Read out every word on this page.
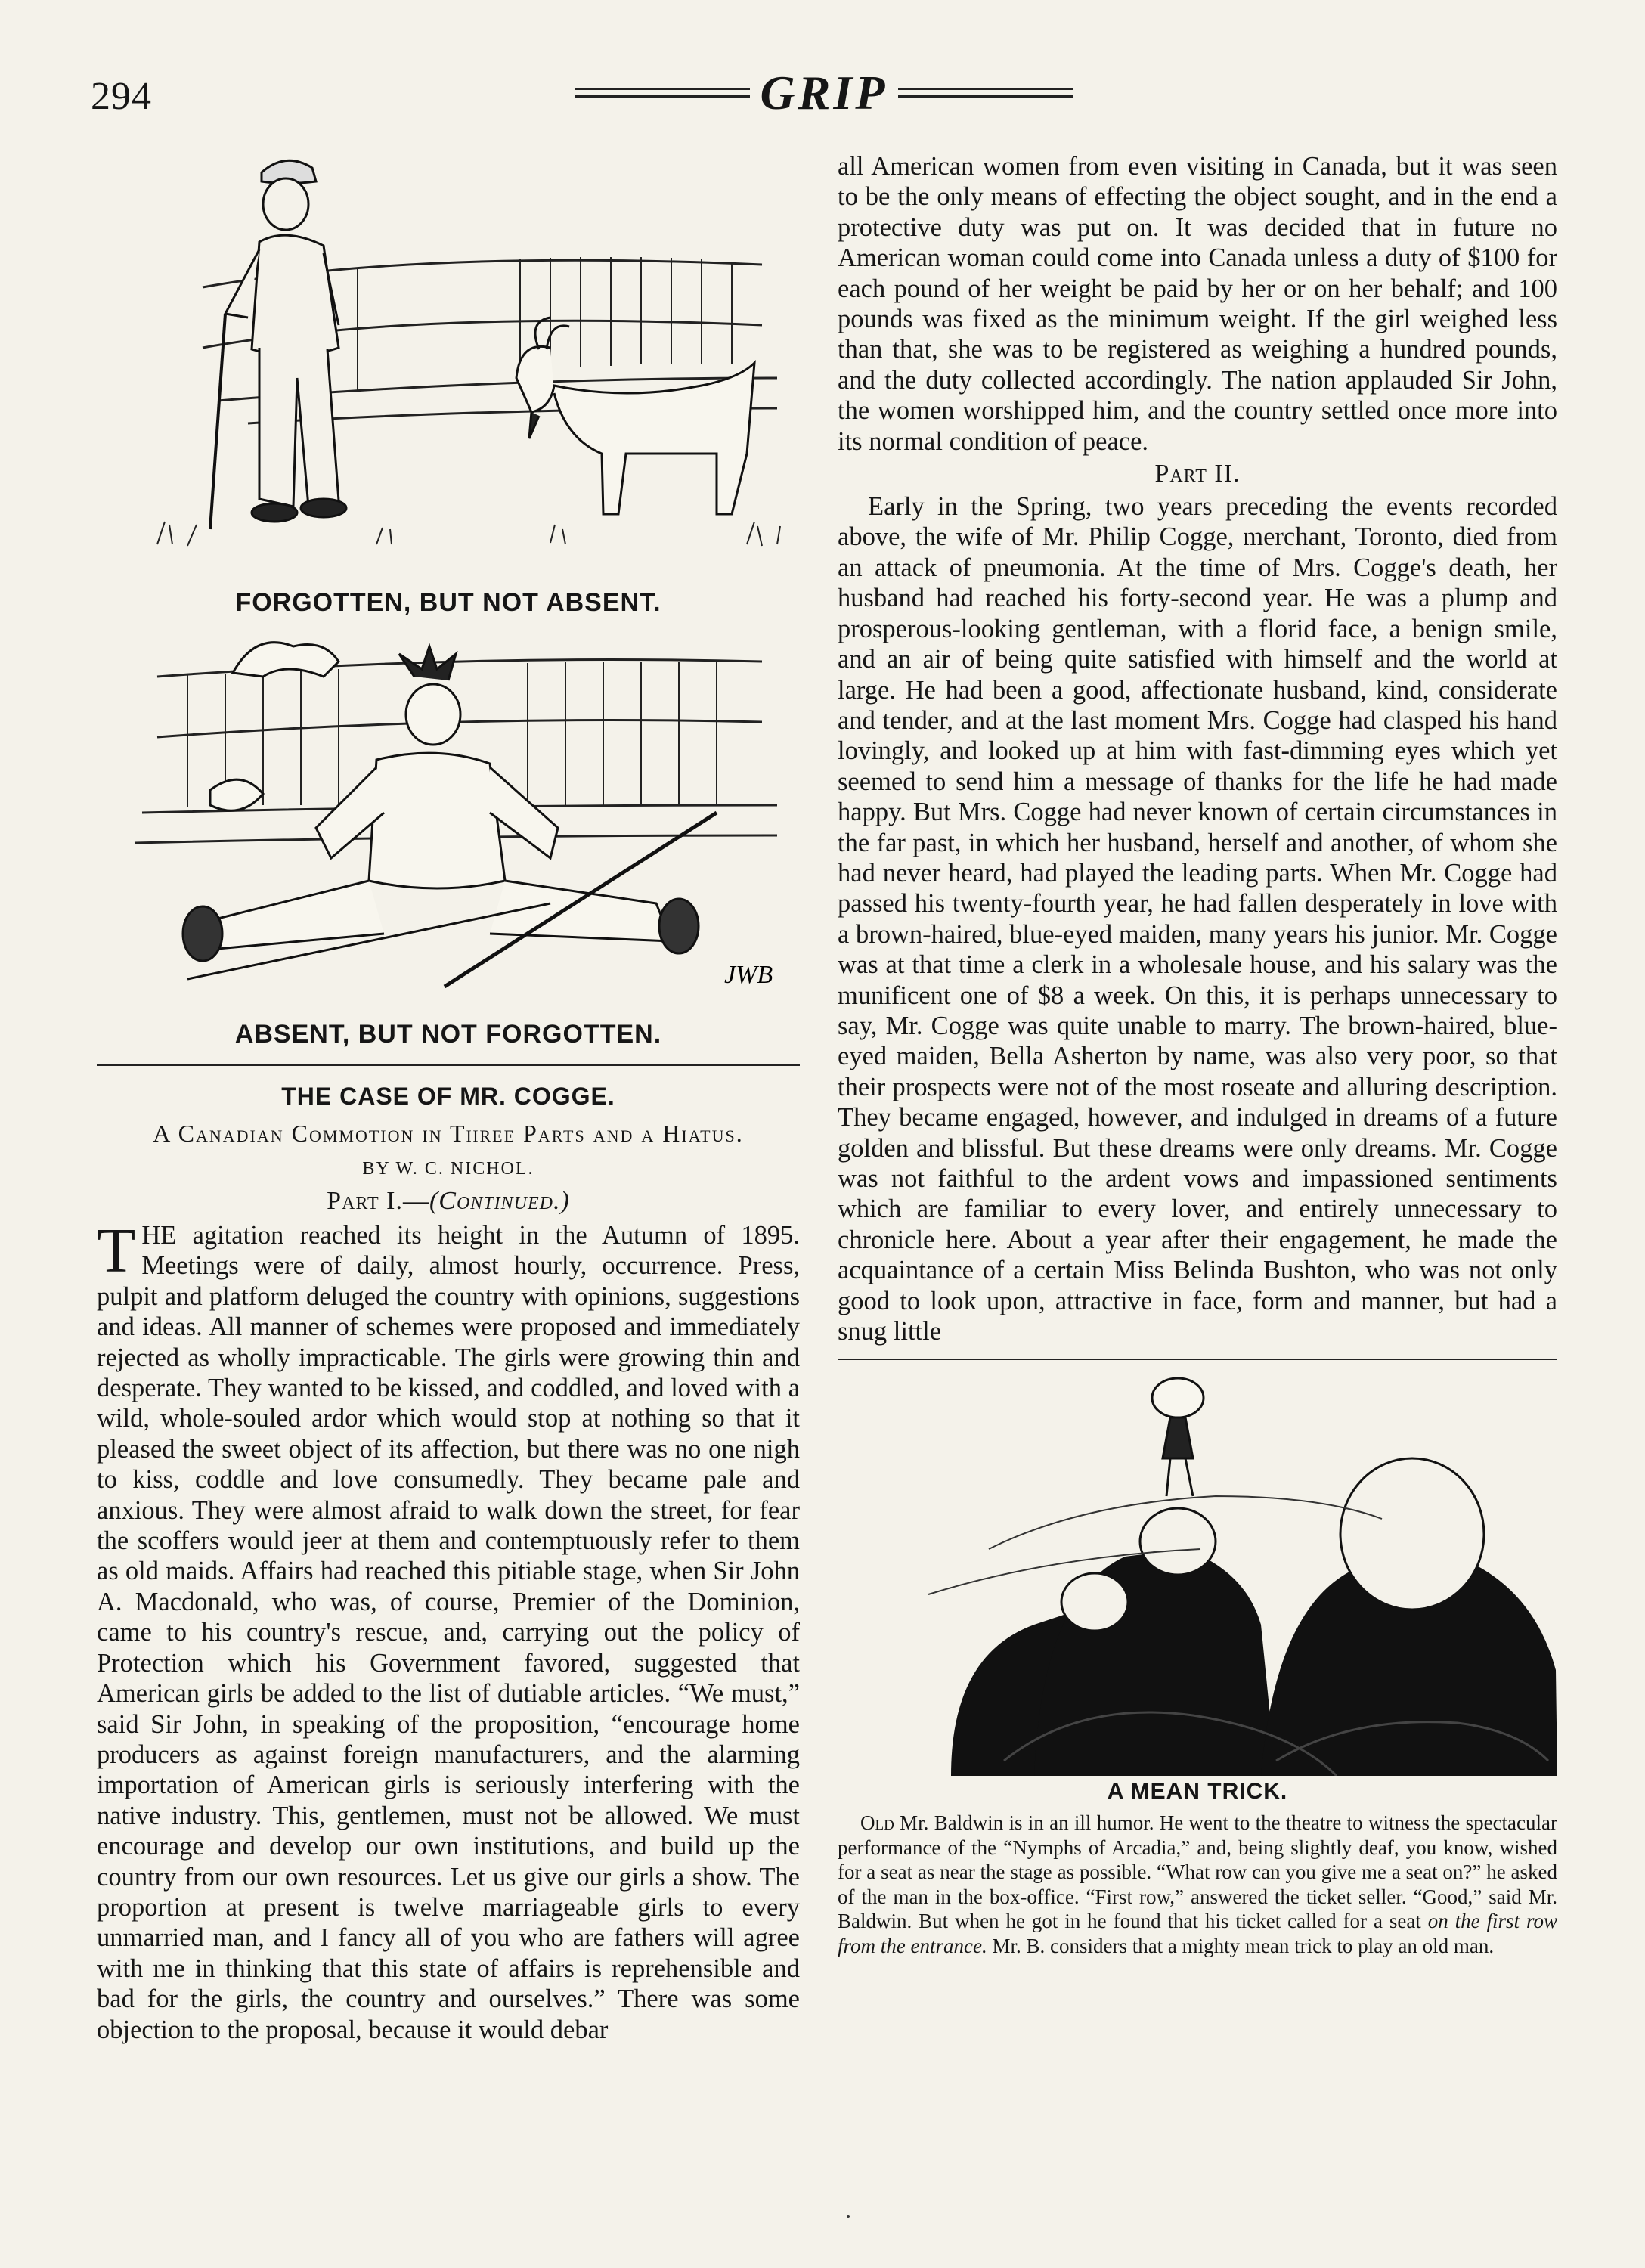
294	GRIP
FORGOTTEN, BUT NOT ABSENT.
JWB
ABSENT, BUT NOT FORGOTTEN.
THE CASE OF MR. COGGE.
A Canadian Commotion in Three Parts and a Hiatus.
BY W. C. NICHOL.
Part I.—(Continued.)

THE agitation reached its height in the Autumn of 1895. Meetings were of daily, almost hourly, occurrence. Press, pulpit and platform deluged the country with opinions, suggestions and ideas. All manner of schemes were proposed and immediately rejected as wholly impracticable. The girls were growing thin and desperate. They wanted to be kissed, and coddled, and loved with a wild, whole-souled ardor which would stop at nothing so that it pleased the sweet object of its affection, but there was no one nigh to kiss, coddle and love consumedly. They became pale and anxious. They were almost afraid to walk down the street, for fear the scoffers would jeer at them and contemptuously refer to them as old maids. Affairs had reached this pitiable stage, when Sir John A. Macdonald, who was, of course, Premier of the Dominion, came to his country's rescue, and, carrying out the policy of Protection which his Government favored, suggested that American girls be added to the list of dutiable articles. “We must,” said Sir John, in speaking of the proposition, “encourage home producers as against foreign manufacturers, and the alarming importation of American girls is seriously interfering with the native industry. This, gentlemen, must not be allowed. We must encourage and develop our own institutions, and build up the country from our own resources. Let us give our girls a show. The proportion at present is twelve marriageable girls to every unmarried man, and I fancy all of you who are fathers will agree with me in thinking that this state of affairs is reprehensible and bad for the girls, the country and ourselves.” There was some objection to the proposal, because it would debar

all American women from even visiting in Canada, but it was seen to be the only means of effecting the object sought, and in the end a protective duty was put on. It was decided that in future no American woman could come into Canada unless a duty of $100 for each pound of her weight be paid by her or on her behalf; and 100 pounds was fixed as the minimum weight. If the girl weighed less than that, she was to be registered as weighing a hundred pounds, and the duty collected accordingly. The nation applauded Sir John, the women worshipped him, and the country settled once more into its normal condition of peace.

Part II.

Early in the Spring, two years preceding the events recorded above, the wife of Mr. Philip Cogge, merchant, Toronto, died from an attack of pneumonia. At the time of Mrs. Cogge's death, her husband had reached his forty-second year. He was a plump and prosperous-looking gentleman, with a florid face, a benign smile, and an air of being quite satisfied with himself and the world at large. He had been a good, affectionate husband, kind, considerate and tender, and at the last moment Mrs. Cogge had clasped his hand lovingly, and looked up at him with fast-dimming eyes which yet seemed to send him a message of thanks for the life he had made happy. But Mrs. Cogge had never known of certain circumstances in the far past, in which her husband, herself and another, of whom she had never heard, had played the leading parts. When Mr. Cogge had passed his twenty-fourth year, he had fallen desperately in love with a brown-haired, blue-eyed maiden, many years his junior. Mr. Cogge was at that time a clerk in a wholesale house, and his salary was the munificent one of $8 a week. On this, it is perhaps unnecessary to say, Mr. Cogge was quite unable to marry. The brown-haired, blue-eyed maiden, Bella Asherton by name, was also very poor, so that their prospects were not of the most roseate and alluring description. They became engaged, however, and indulged in dreams of a future golden and blissful. But these dreams were only dreams. Mr. Cogge was not faithful to the ardent vows and impassioned sentiments which are familiar to every lover, and entirely unnecessary to chronicle here. About a year after their engagement, he made the acquaintance of a certain Miss Belinda Bushton, who was not only good to look upon, attractive in face, form and manner, but had a snug little

A MEAN TRICK.

Old Mr. Baldwin is in an ill humor. He went to the theatre to witness the spectacular performance of the “Nymphs of Arcadia,” and, being slightly deaf, you know, wished for a seat as near the stage as possible. “What row can you give me a seat on?” he asked of the man in the box-office. “First row,” answered the ticket seller. “Good,” said Mr. Baldwin. But when he got in he found that his ticket called for a seat on the first row from the entrance. Mr. B. considers that a mighty mean trick to play an old man.
